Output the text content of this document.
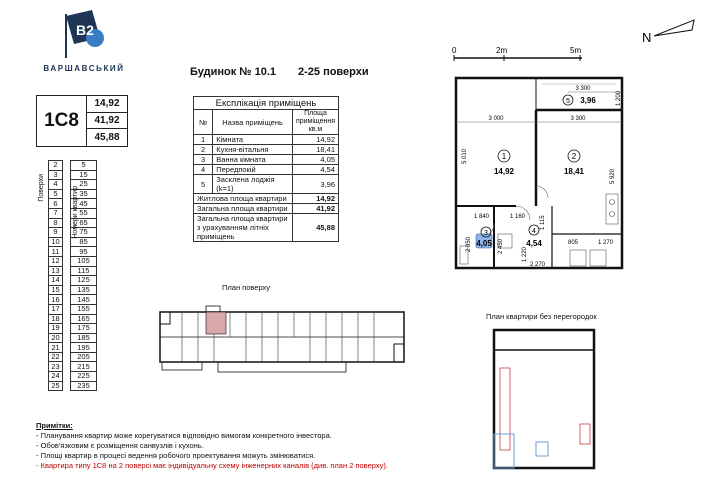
B2
ВАРШАВСЬКИЙ	Будинок № 10.1 2-25 поверхи
1С8
14,92
41,92
45,88
Поверхи	Номери квартир
2		5
3		15
4		25
5		35
6		45
7		55
8		65
9		75
10		85
11		95
12		105
13		115
14		125
15		135
16		145
17		155
18		165
19		175
20		185
21		195
22		205
23		215
24		225
25		235
Експлікація приміщень		
№	Назва приміщень	Площа приміщення кв.м
1	Кімната	14,92
2	Кухня-вітальня	18,41
3	Ванна кімната	4,05
4	Передпокій	4,54
5	Засклена лоджія (k=1)	3,96
Житлова площа квартири		14,92
Загальна площа квартири		41,92
Загальна площа квартири з урахуванням літніх приміщень		45,88
0	2m	5m
N
3 300
3 000	3 300
5 010
5 920
1 840	1 160 1 115
2 950	2 450
1 220
2 270
805	1 270
1 200
1
14,92
2
18,41
3
4,05
4
4,54
5 3,96
План поверху
План квартири без перегородок
Примітки:
- Планування квартир може корегуватися відповідно вимогам конкретного інвестора.
- Обов'язковим є розміщення санвузлів і кухонь.
- Площі квартир в процесі ведення робочого проектування можуть змінюватися.
- Квартира типу 1С8 на 2 поверсі має індивідуальну схему інженерних каналів (див. план 2 поверху).
